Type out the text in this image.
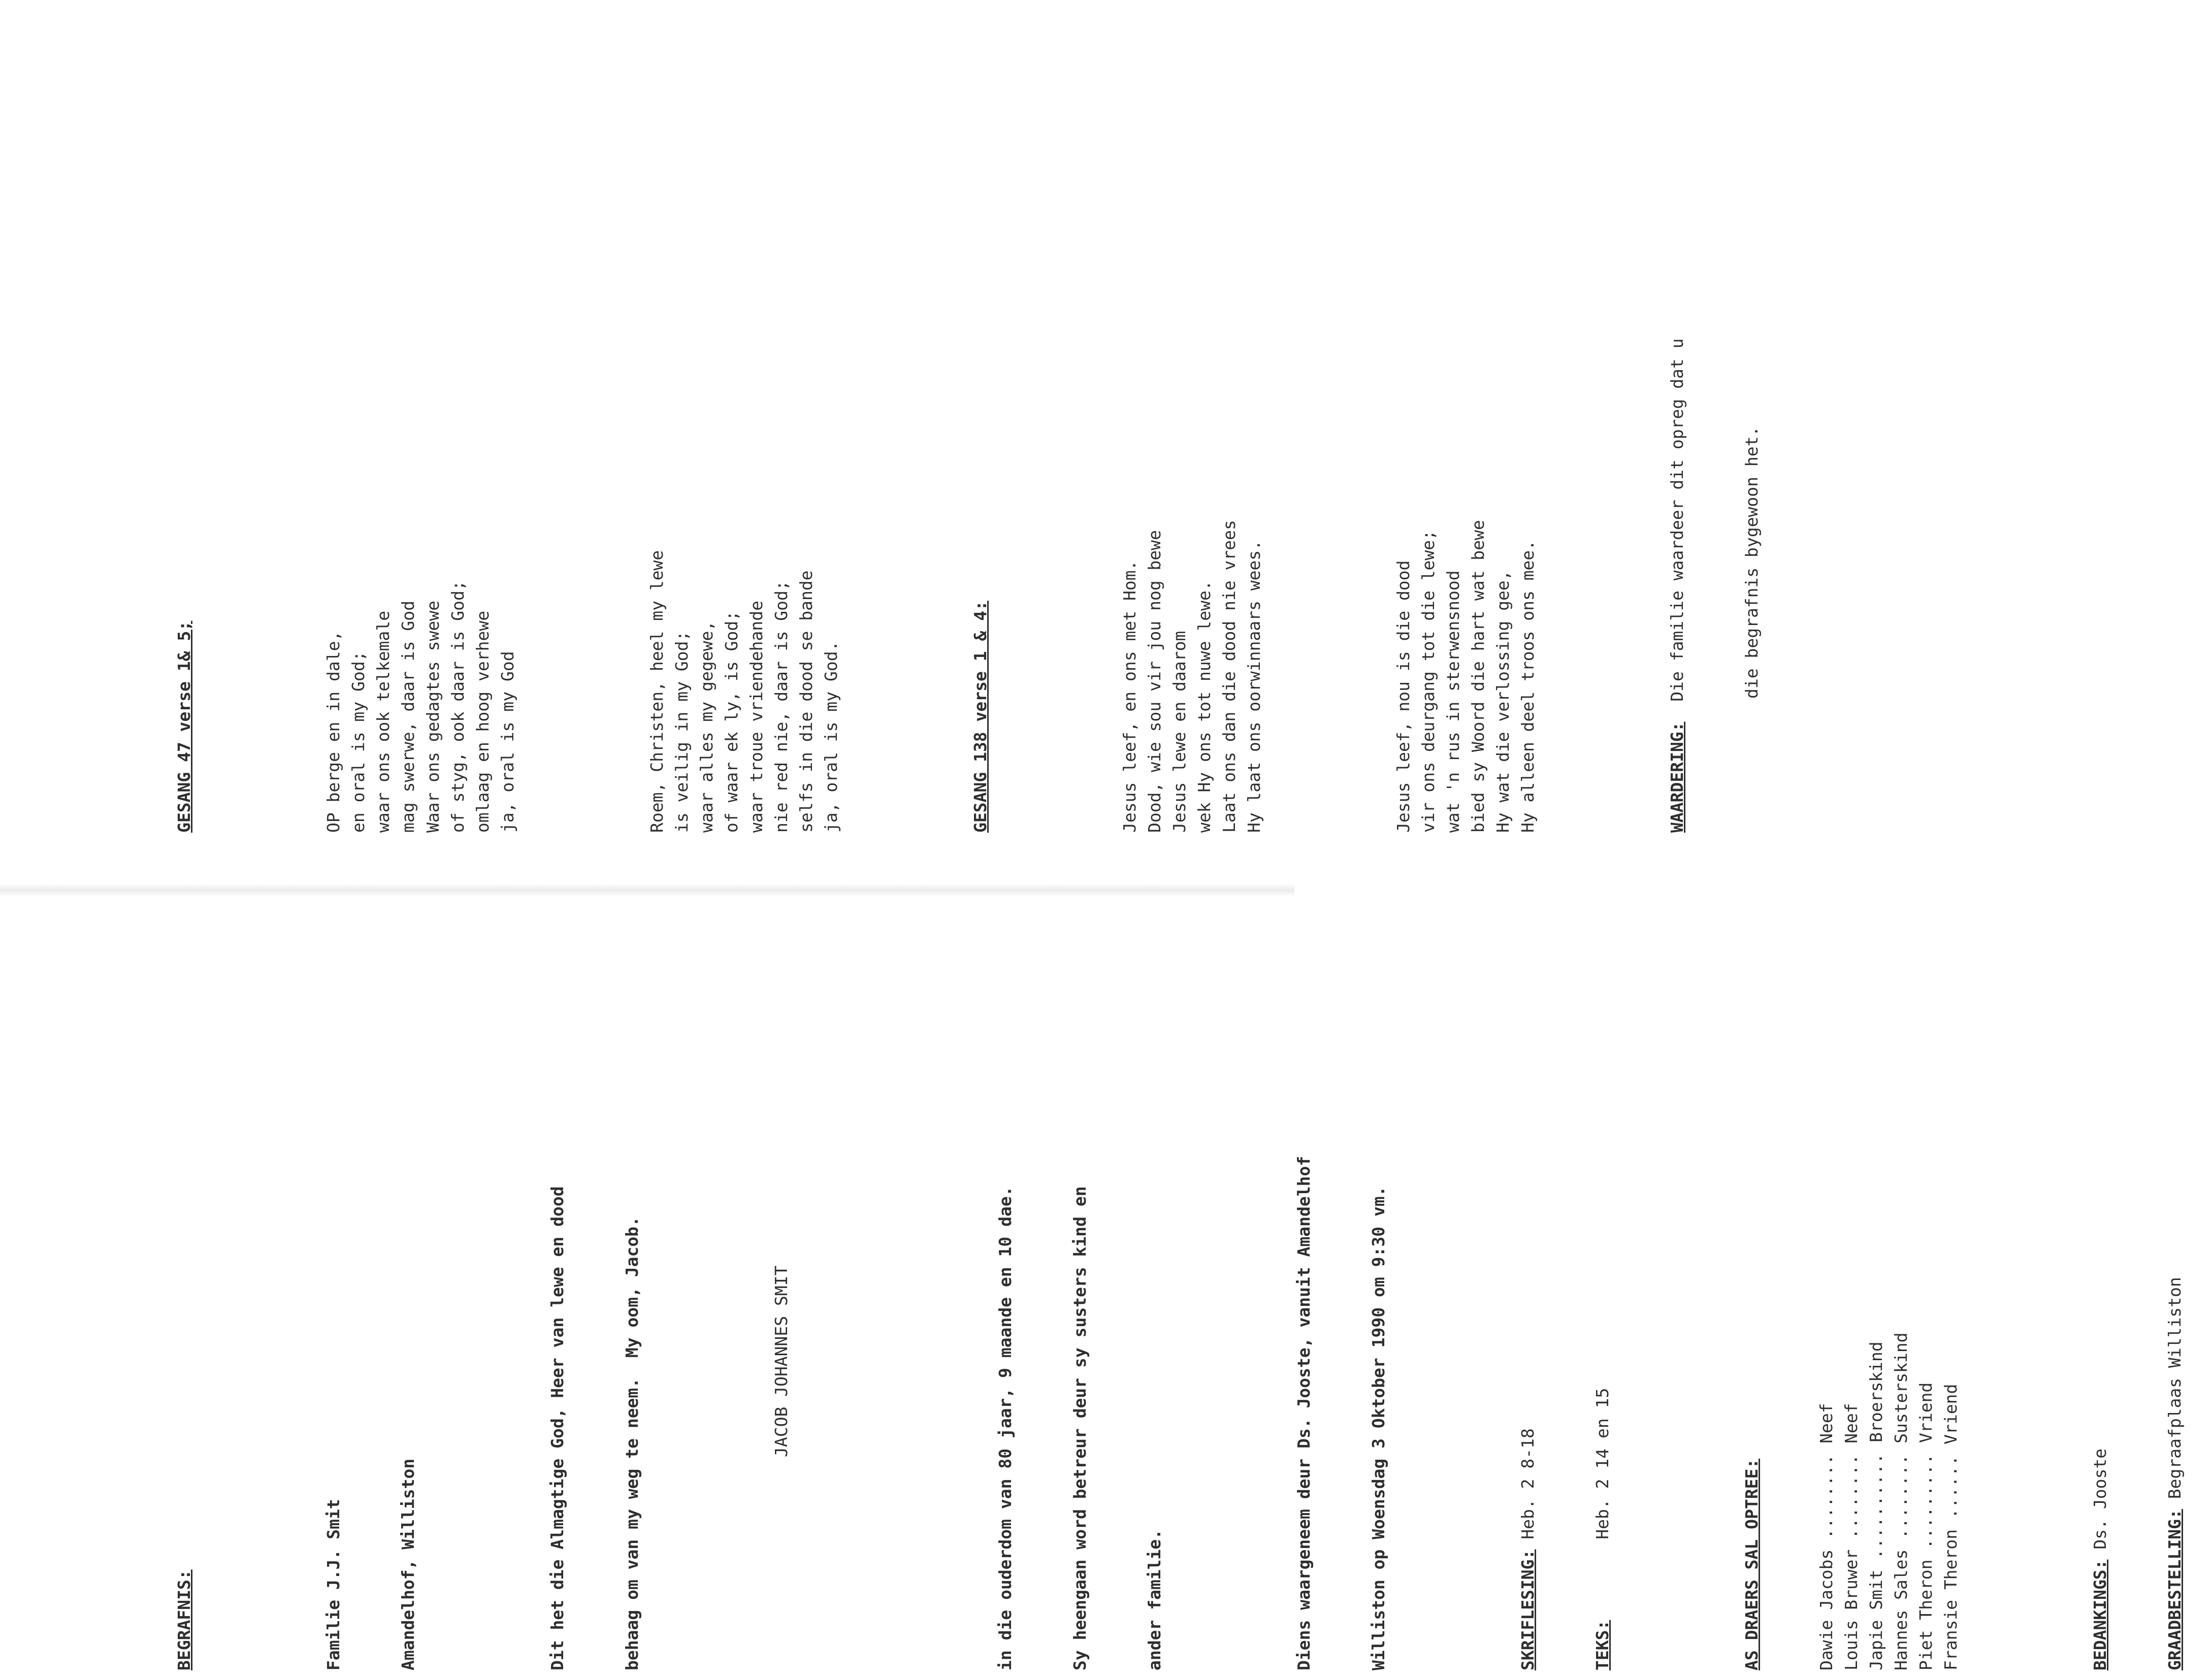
BEGRAFNIS:

	Familie J.J. Smit

	Amandelhof, Williston

	Dit het die Almagtige God, Heer van lewe en dood

	behaag om van my weg te neem.  My oom, Jacob.

	JACOB JOHANNES SMIT

	in die ouderdom van 80 jaar, 9 maande en 10 dae.

	Sy heengaan word betreur deur sy susters kind en

	ander familie.

	Diens waargeneem deur Ds. Jooste, vanuit Amandelhof

	Williston op Woensdag 3 Oktober 1990 om 9:30 vm.

	SKRIFLESING: Heb. 2 8-18

TEKS:        Heb. 2 14 en 15

	AS DRAERS SAL OPTREE:

	Dawie Jacobs ........ Neef
Louis Bruwer ........ Neef
Japie Smit .......... Broerskind
Hannes Sales ........ Susterskind
Piet Theron ......... Vriend
Fransie Theron ...... Vriend

BEDANKINGS: Ds. Jooste

GRAADBESTELLING: Begraafplaas Williston

GESANG 47 verse 1& 5;

	OP berge en in dale, en oral is my God; waar ons ook telkemale mag swerwe, daar is God Waar ons gedagtes swewe of styg, ook daar is God; omlaag en hoog verhewe ja, oral is my God

	Roem, Christen, heel my lewe is veilig in my God; waar alles my gegewe, of waar ek ly, is God; waar troue vriendehande nie red nie, daar is God; selfs in die dood se bande ja, oral is my God.

	GESANG 138 verse 1 & 4:

	Jesus leef, en ons met Hom. Dood, wie sou vir jou nog bewe Jesus lewe en daarom wek Hy ons tot nuwe lewe. Laat ons dan die dood nie vrees Hy laat ons oorwinnaars wees.

	Jesus leef, nou is die dood vir ons deurgang tot die lewe; wat 'n rus in sterwensnood bied sy Woord die hart wat bewe Hy wat die verlossing gee, Hy alleen deel troos ons mee.

	WAARDERING:  Die familie waardeer dit opreg dat u

	die begrafnis bygewoon het.
